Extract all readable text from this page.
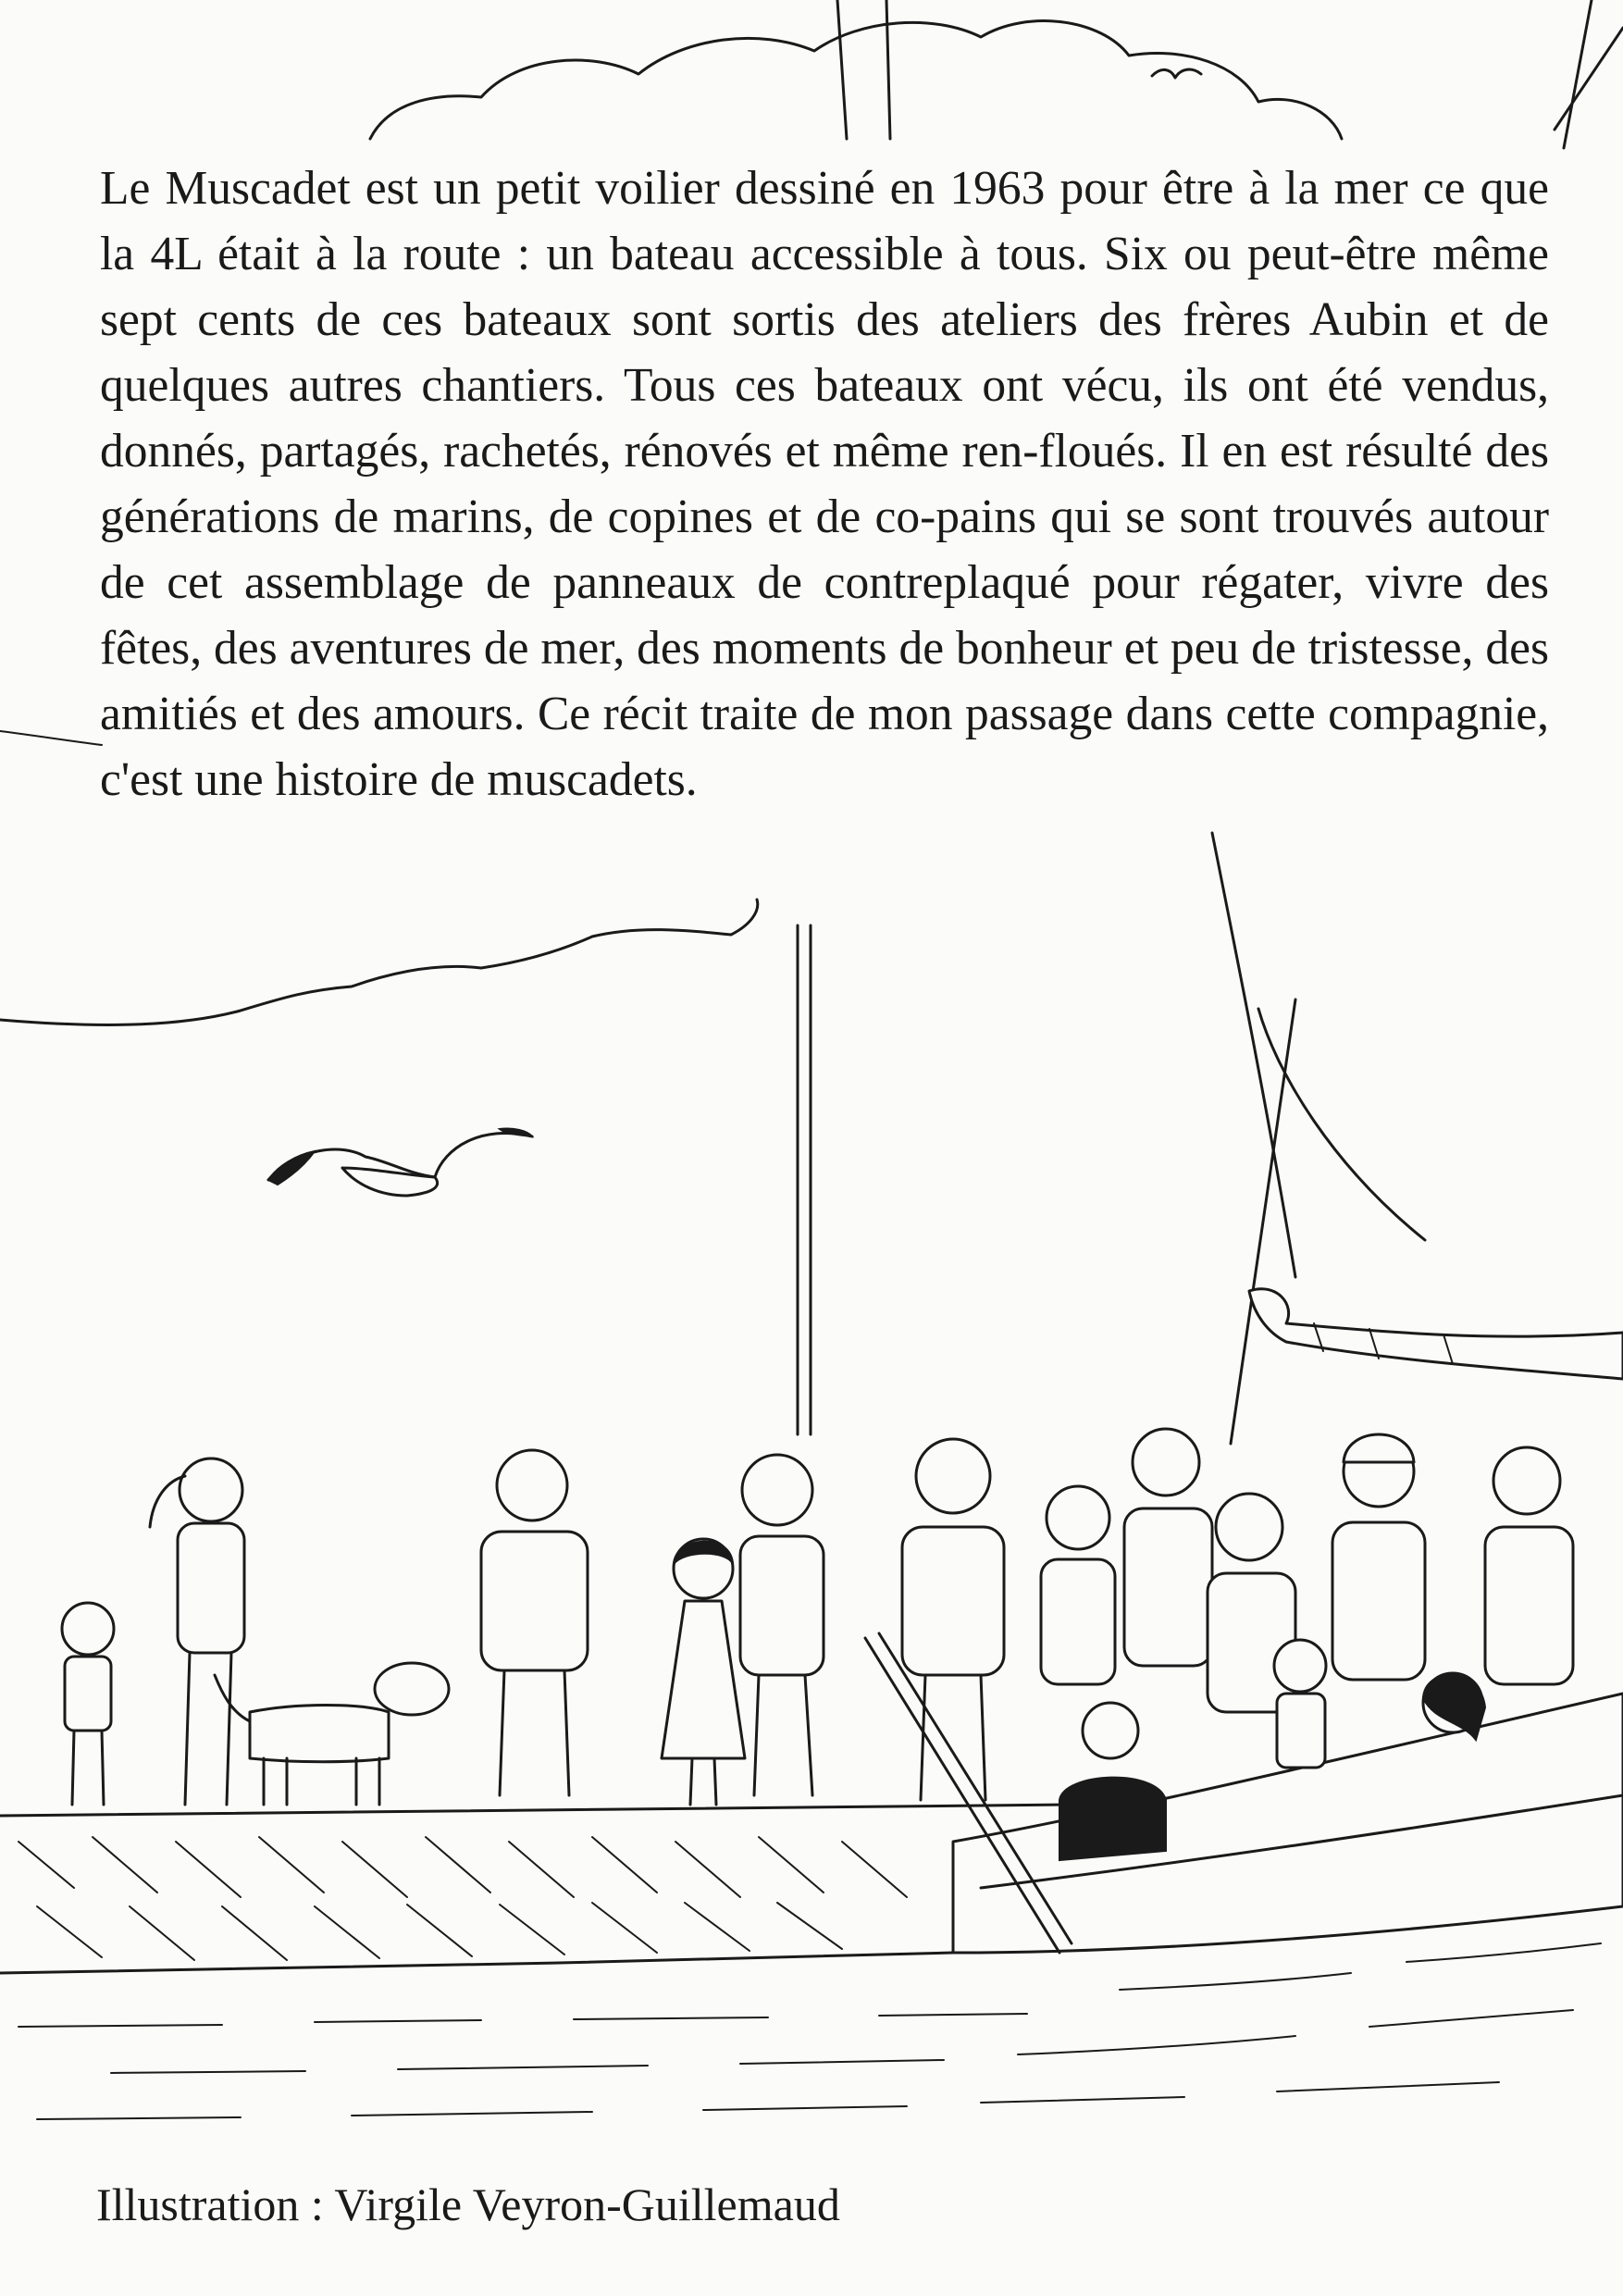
Le Muscadet est un petit voilier dessiné en 1963 pour être à la mer ce que la 4L était à la route : un bateau accessible à tous. Six ou peut-être même sept cents de ces bateaux sont sortis des ateliers des frères Aubin et de quelques autres chantiers. Tous ces bateaux ont vécu, ils ont été vendus, donnés, partagés, rachetés, rénovés et même ren-floués. Il en est résulté des générations de marins, de copines et de co-pains qui se sont trouvés autour de cet assemblage de panneaux de contreplaqué pour régater, vivre des fêtes, des aventures de mer, des moments de bonheur et peu de tristesse, des amitiés et des amours. Ce récit traite de mon passage dans cette compagnie, c'est une histoire de muscadets.

Illustration : Virgile Veyron-Guillemaud
